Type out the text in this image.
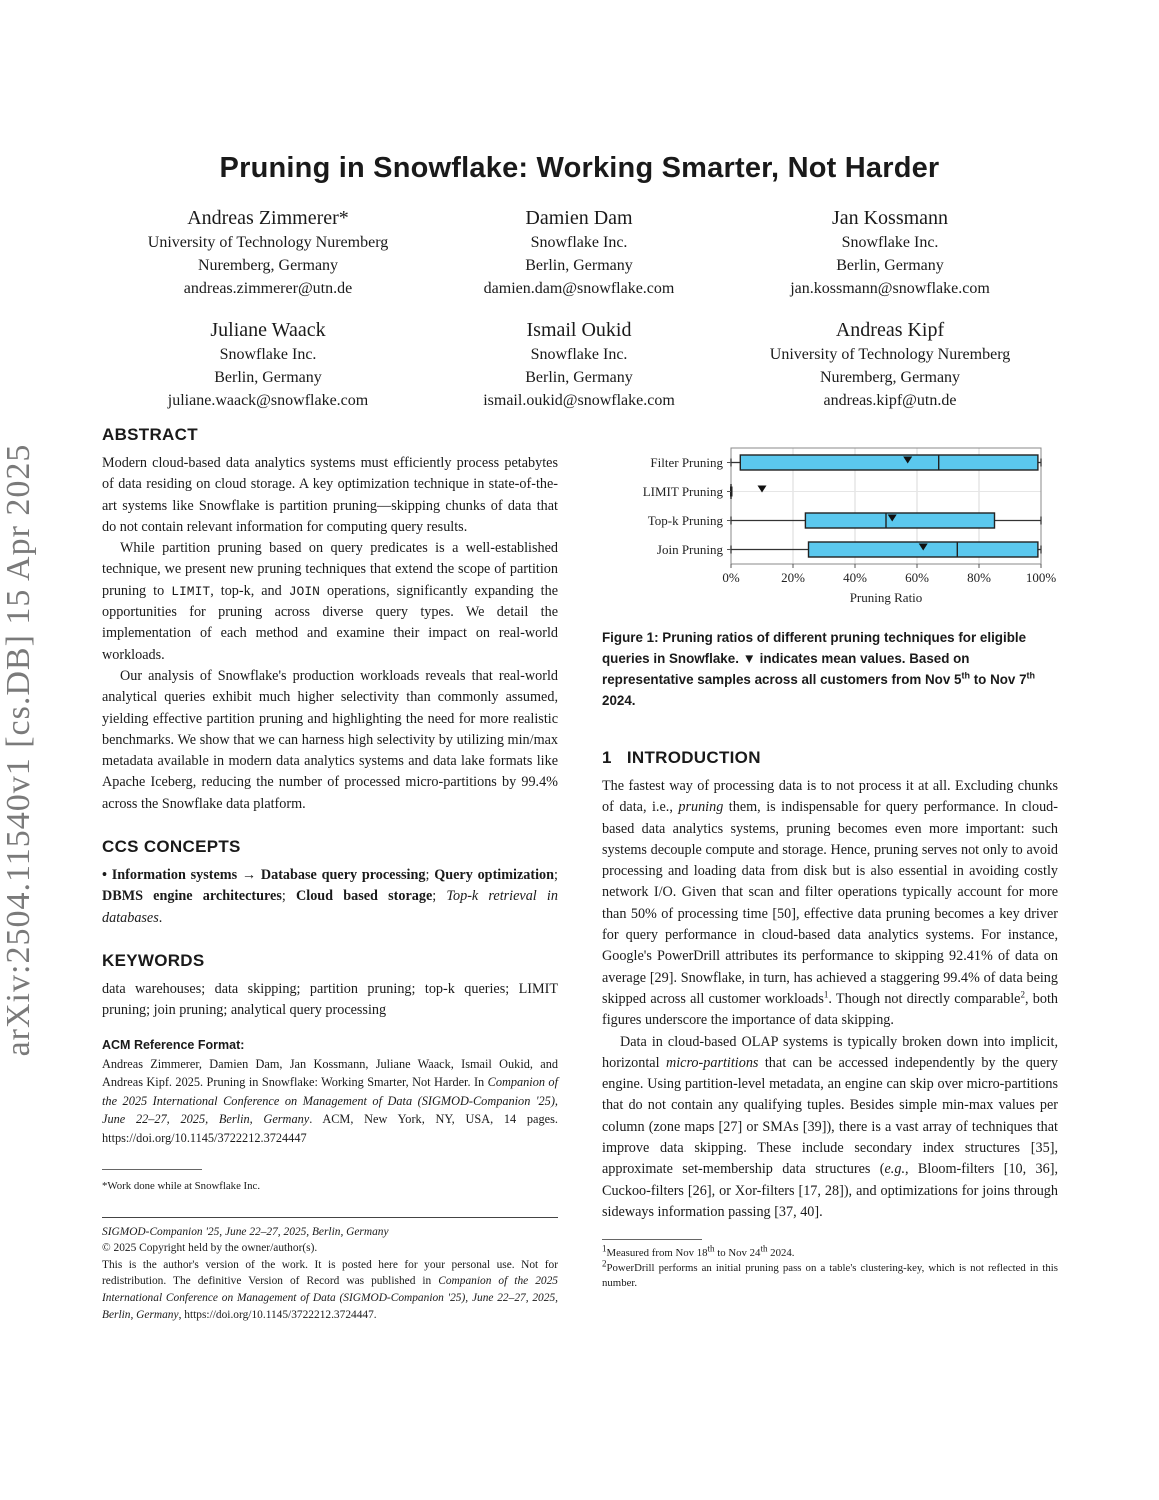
Pruning in Snowflake: Working Smarter, Not Harder
arXiv:2504.11540v1 [cs.DB] 15 Apr 2025
Andreas Zimmerer*
University of Technology Nuremberg
Nuremberg, Germany
andreas.zimmerer@utn.de
Damien Dam
Snowflake Inc.
Berlin, Germany
damien.dam@snowflake.com
Jan Kossmann
Snowflake Inc.
Berlin, Germany
jan.kossmann@snowflake.com
Juliane Waack
Snowflake Inc.
Berlin, Germany
juliane.waack@snowflake.com
Ismail Oukid
Snowflake Inc.
Berlin, Germany
ismail.oukid@snowflake.com
Andreas Kipf
University of Technology Nuremberg
Nuremberg, Germany
andreas.kipf@utn.de
ABSTRACT

Modern cloud-based data analytics systems must efficiently process petabytes of data residing on cloud storage. A key optimization technique in state-of-the-art systems like Snowflake is partition pruning—skipping chunks of data that do not contain relevant information for computing query results.

While partition pruning based on query predicates is a well-established technique, we present new pruning techniques that extend the scope of partition pruning to LIMIT, top-k, and JOIN operations, significantly expanding the opportunities for pruning across diverse query types. We detail the implementation of each method and examine their impact on real-world workloads.

Our analysis of Snowflake's production workloads reveals that real-world analytical queries exhibit much higher selectivity than commonly assumed, yielding effective partition pruning and highlighting the need for more realistic benchmarks. We show that we can harness high selectivity by utilizing min/max metadata available in modern data analytics systems and data lake formats like Apache Iceberg, reducing the number of processed micro-partitions by 99.4% across the Snowflake data platform.

CCS CONCEPTS

• Information systems → Database query processing; Query optimization; DBMS engine architectures; Cloud based storage; Top-k retrieval in databases.

KEYWORDS

data warehouses; data skipping; partition pruning; top-k queries; LIMIT pruning; join pruning; analytical query processing

ACM Reference Format:

Andreas Zimmerer, Damien Dam, Jan Kossmann, Juliane Waack, Ismail Oukid, and Andreas Kipf. 2025. Pruning in Snowflake: Working Smarter, Not Harder. In Companion of the 2025 International Conference on Management of Data (SIGMOD-Companion '25), June 22–27, 2025, Berlin, Germany. ACM, New York, NY, USA, 14 pages. https://doi.org/10.1145/3722212.3724447

*Work done while at Snowflake Inc.

SIGMOD-Companion '25, June 22–27, 2025, Berlin, Germany

© 2025 Copyright held by the owner/author(s).

This is the author's version of the work. It is posted here for your personal use. Not for redistribution. The definitive Version of Record was published in Companion of the 2025 International Conference on Management of Data (SIGMOD-Companion '25), June 22–27, 2025, Berlin, Germany, https://doi.org/10.1145/3722212.3724447.

Filter Pruning
LIMIT Pruning
Top-k Pruning
Join Pruning
0%	20%	40%	60%	80%	100%
Pruning Ratio
Figure 1: Pruning ratios of different pruning techniques for eligible queries in Snowflake. ▼ indicates mean values. Based on representative samples across all customers from Nov 5th to Nov 7th 2024.
1 INTRODUCTION

The fastest way of processing data is to not process it at all. Excluding chunks of data, i.e., pruning them, is indispensable for query performance. In cloud-based data analytics systems, pruning becomes even more important: such systems decouple compute and storage. Hence, pruning serves not only to avoid processing and loading data from disk but is also essential in avoiding costly network I/O. Given that scan and filter operations typically account for more than 50% of processing time [50], effective data pruning becomes a key driver for query performance in cloud-based data analytics systems. For instance, Google's PowerDrill attributes its performance to skipping 92.41% of data on average [29]. Snowflake, in turn, has achieved a staggering 99.4% of data being skipped across all customer workloads$^1$. Though not directly comparable$^2$, both figures underscore the importance of data skipping.

Data in cloud-based OLAP systems is typically broken down into implicit, horizontal micro-partitions that can be accessed independently by the query engine. Using partition-level metadata, an engine can skip over micro-partitions that do not contain any qualifying tuples. Besides simple min-max values per column (zone maps [27] or SMAs [39]), there is a vast array of techniques that improve data skipping. These include secondary index structures [35], approximate set-membership data structures (e.g., Bloom-filters [10, 36], Cuckoo-filters [26], or Xor-filters [17, 28]), and optimizations for joins through sideways information passing [37, 40].

$^1$Measured from Nov 18th to Nov 24th 2024.

$^2$PowerDrill performs an initial pruning pass on a table's clustering-key, which is not reflected in this number.
